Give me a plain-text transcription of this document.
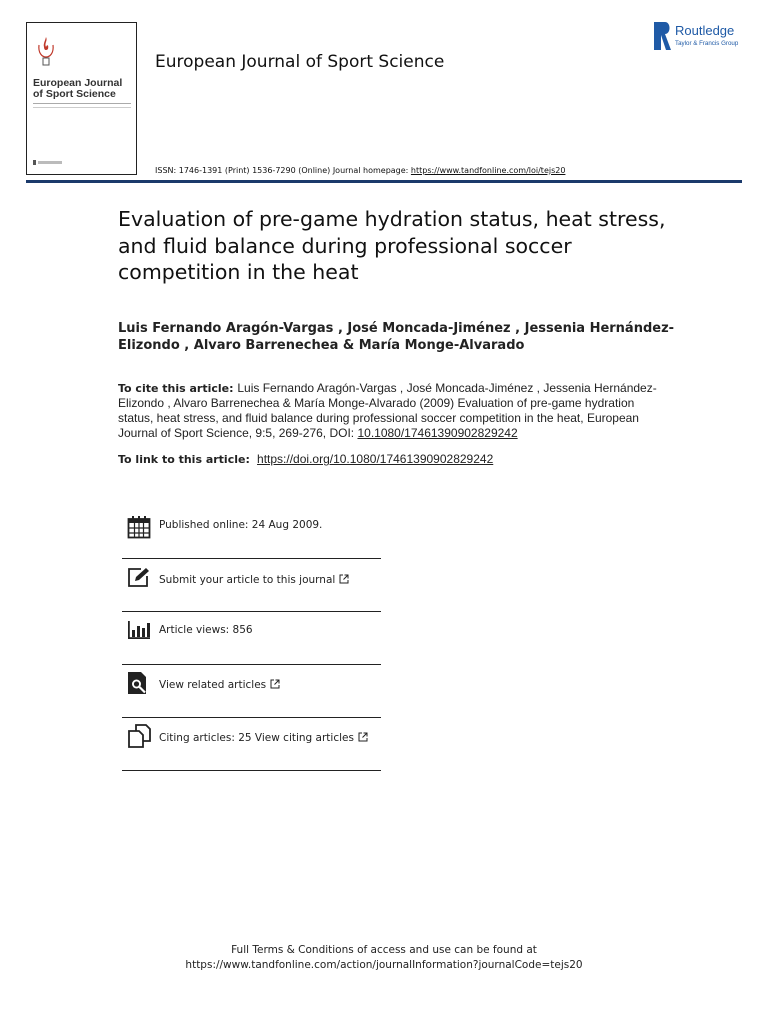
European Journal of Sport Science
European Journal of Sport Science
ISSN: 1746-1391 (Print) 1536-7290 (Online) Journal homepage: https://www.tandfonline.com/loi/tejs20
Routledge
Taylor & Francis Group
Evaluation of pre-game hydration status, heat stress, and fluid balance during professional soccer competition in the heat
Luis Fernando Aragón-Vargas , José Moncada-Jiménez , Jessenia Hernández-Elizondo , Alvaro Barrenechea & María Monge-Alvarado
To cite this article: Luis Fernando Aragón-Vargas , José Moncada-Jiménez , Jessenia Hernández-Elizondo , Alvaro Barrenechea & María Monge-Alvarado (2009) Evaluation of pre-game hydration status, heat stress, and fluid balance during professional soccer competition in the heat, European Journal of Sport Science, 9:5, 269-276, DOI: 10.1080/17461390902829242
To link to this article:  https://doi.org/10.1080/17461390902829242
Published online: 24 Aug 2009.
Submit your article to this journal
Article views: 856
View related articles
Citing articles: 25 View citing articles
Full Terms & Conditions of access and use can be found at
https://www.tandfonline.com/action/journalInformation?journalCode=tejs20
